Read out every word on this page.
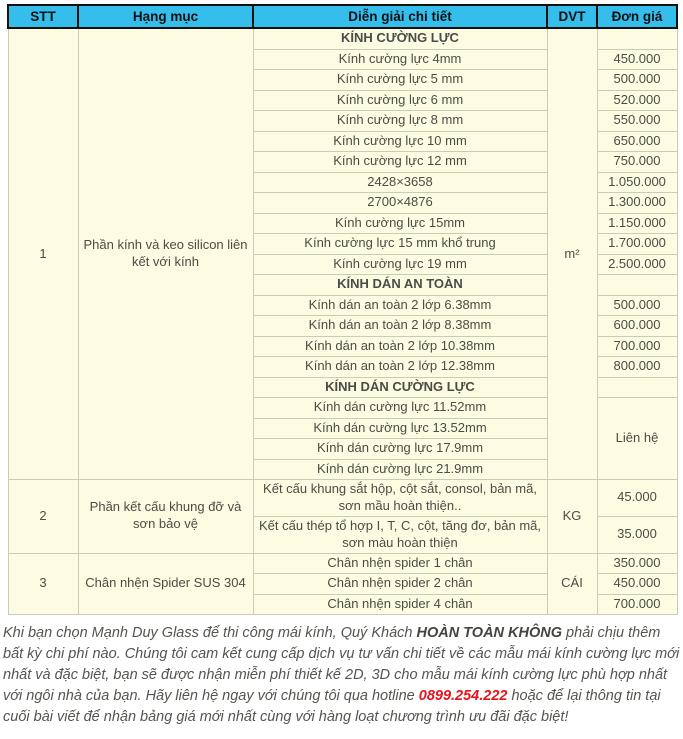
STT	Hạng mục	Diễn giải chi tiết	DVT	Đơn giá
1	Phần kính và keo silicon liên kết với kính	KÍNH CƯỜNG LỰC	m²	
		Kính cường lực 4mm		450.000
		Kính cường lực 5 mm		500.000
		Kính cường lực 6 mm		520.000
		Kính cường lực 8 mm		550.000
		Kính cường lực 10 mm		650.000
		Kính cường lực 12 mm		750.000
		2428×3658		1.050.000
		2700×4876		1.300.000
		Kính cường lực 15mm		1.150.000
		Kính cường lực 15 mm khổ trung		1.700.000
		Kính cường lực 19 mm		2.500.000
		KÍNH DÁN AN TOÀN		
		Kính dán an toàn 2 lớp 6.38mm		500.000
		Kính dán an toàn 2 lớp 8.38mm		600.000
		Kính dán an toàn 2 lớp 10.38mm		700.000
		Kính dán an toàn 2 lớp 12.38mm		800.000
		KÍNH DÁN CƯỜNG LỰC		
		Kính dán cường lực 11.52mm		Liên hệ
		Kính dán cường lực 13.52mm		
		Kính dán cường lực 17.9mm		
		Kính dán cường lực 21.9mm		
2	Phần kết cấu khung đỡ và sơn bảo vệ	Kết cấu khung sắt hộp, cột sắt, consol, bản mã, sơn mầu hoàn thiện..	KG	45.000
		Kết cấu thép tổ hợp I, T, C, cột, tăng đơ, bản mã, sơn màu hoàn thiện		35.000
3	Chân nhện Spider SUS 304	Chân nhện spider 1 chân	CÁI	350.000
		Chân nhện spider 2 chân		450.000
		Chân nhện spider 4 chân		700.000

Khi bạn chọn Mạnh Duy Glass để thi công mái kính, Quý Khách HOÀN TOÀN KHÔNG phải chịu thêm bất kỳ chi phí nào. Chúng tôi cam kết cung cấp dịch vụ tư vấn chi tiết về các mẫu mái kính cường lực mới nhất và đặc biệt, bạn sẽ được nhận miễn phí thiết kế 2D, 3D cho mẫu mái kính cường lực phù hợp nhất với ngôi nhà của bạn. Hãy liên hệ ngay với chúng tôi qua hotline 0899.254.222 hoặc để lại thông tin tại cuối bài viết để nhận bảng giá mới nhất cùng với hàng loạt chương trình ưu đãi đặc biệt!
